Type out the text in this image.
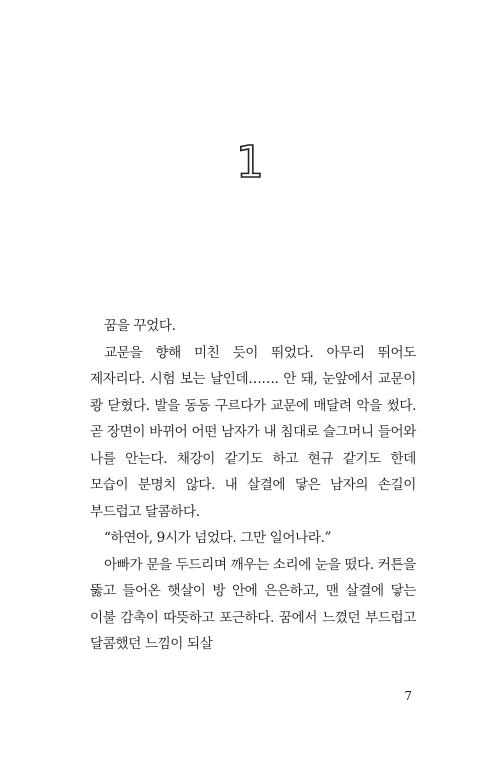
1

꿈을 꾸었다.

교문을 향해 미친 듯이 뛰었다. 아무리 뛰어도 제자리다. 시험 보는 날인데……. 안 돼, 눈앞에서 교문이 쾅 닫혔다. 발을 동동 구르다가 교문에 매달려 악을 썼다. 곧 장면이 바뀌어 어떤 남자가 내 침대로 슬그머니 들어와 나를 안는다. 채강이 같기도 하고 현규 같기도 한데 모습이 분명치 않다. 내 살결에 닿은 남자의 손길이 부드럽고 달콤하다.

“하연아, 9시가 넘었다. 그만 일어나라.”

아빠가 문을 두드리며 깨우는 소리에 눈을 떴다. 커튼을 뚫고 들어온 햇살이 방 안에 은은하고, 맨 살결에 닿는 이불 감촉이 따뜻하고 포근하다. 꿈에서 느꼈던 부드럽고 달콤했던 느낌이 되살

7
